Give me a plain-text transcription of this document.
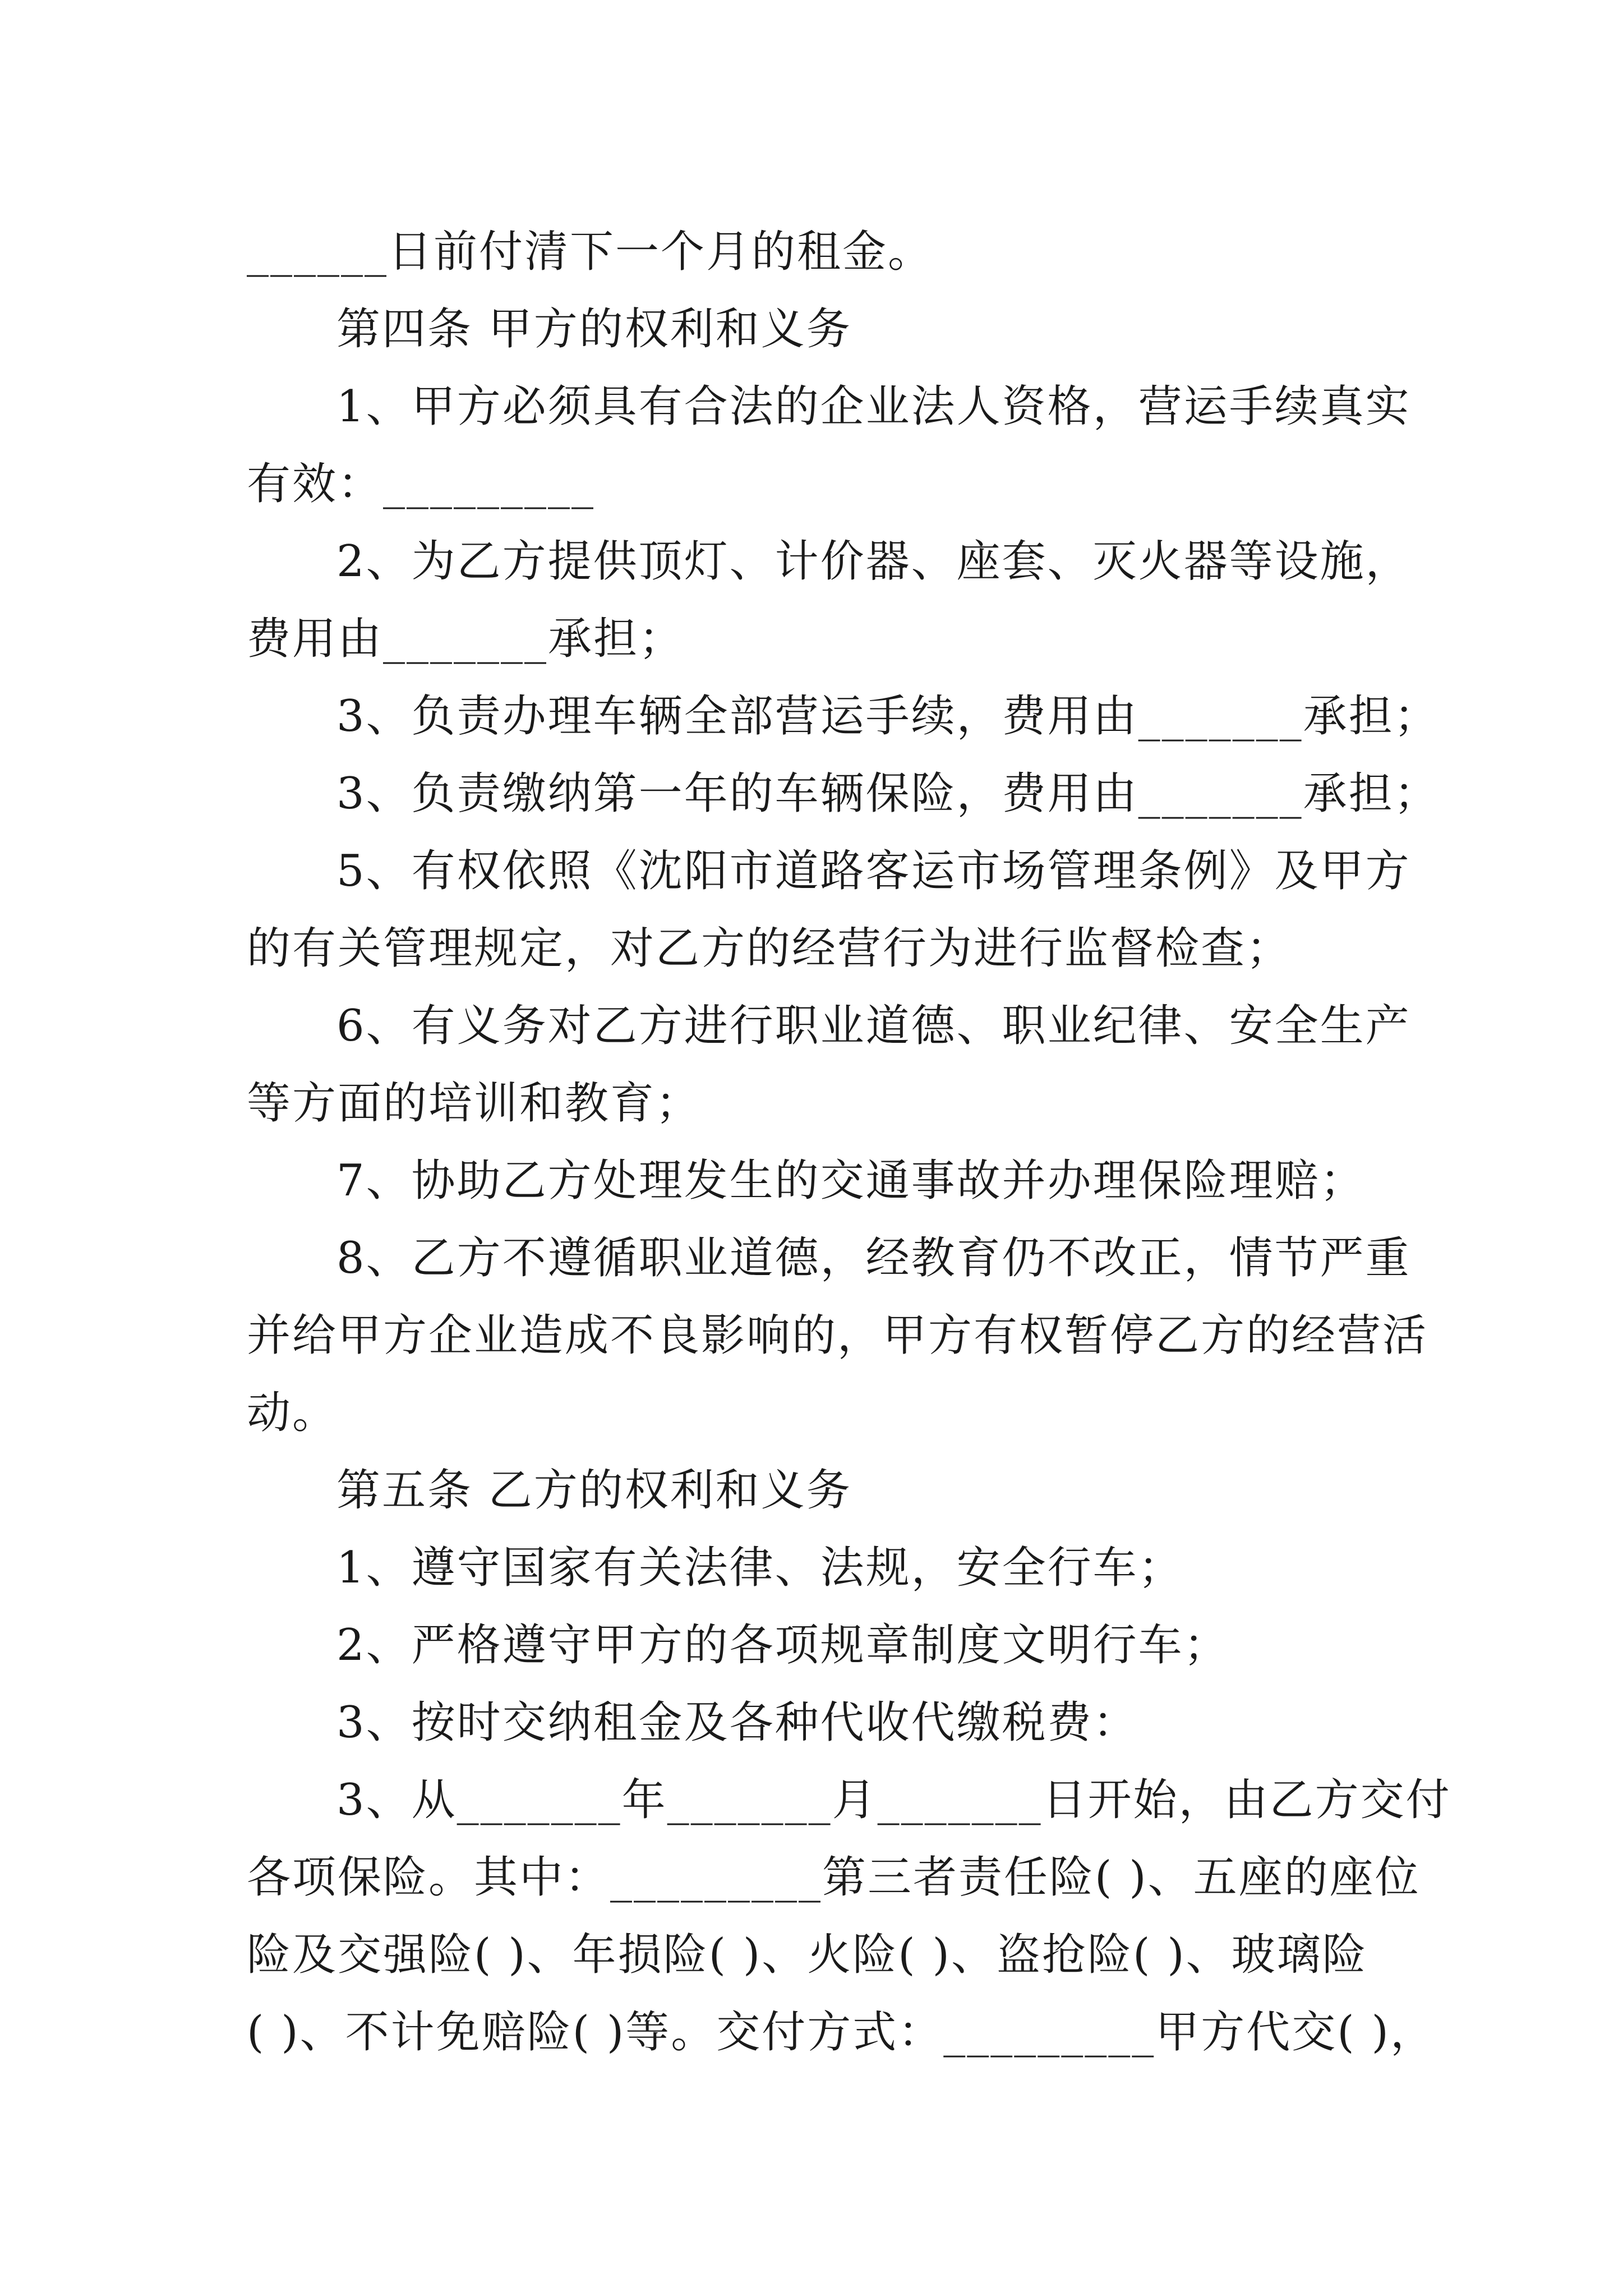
______日前付清下一个月的租金。
第四条 甲方的权利和义务
1、甲方必须具有合法的企业法人资格，营运手续真实
有效：_________
2、为乙方提供顶灯、计价器、座套、灭火器等设施，
费用由_______承担；
3、负责办理车辆全部营运手续，费用由_______承担；
3、负责缴纳第一年的车辆保险，费用由_______承担；
5、有权依照《沈阳市道路客运市场管理条例》及甲方
的有关管理规定，对乙方的经营行为进行监督检查；
6、有义务对乙方进行职业道德、职业纪律、安全生产
等方面的培训和教育；
7、协助乙方处理发生的交通事故并办理保险理赔；
8、乙方不遵循职业道德，经教育仍不改正，情节严重
并给甲方企业造成不良影响的，甲方有权暂停乙方的经营活
动。
第五条 乙方的权利和义务
1、遵守国家有关法律、法规，安全行车；
2、严格遵守甲方的各项规章制度文明行车；
3、按时交纳租金及各种代收代缴税费：
3、从_______年_______月_______日开始，由乙方交付
各项保险。其中：_________第三者责任险( )、五座的座位
险及交强险( )、年损险( )、火险( )、盗抢险( )、玻璃险
( )、不计免赔险( )等。交付方式：_________甲方代交( )，
